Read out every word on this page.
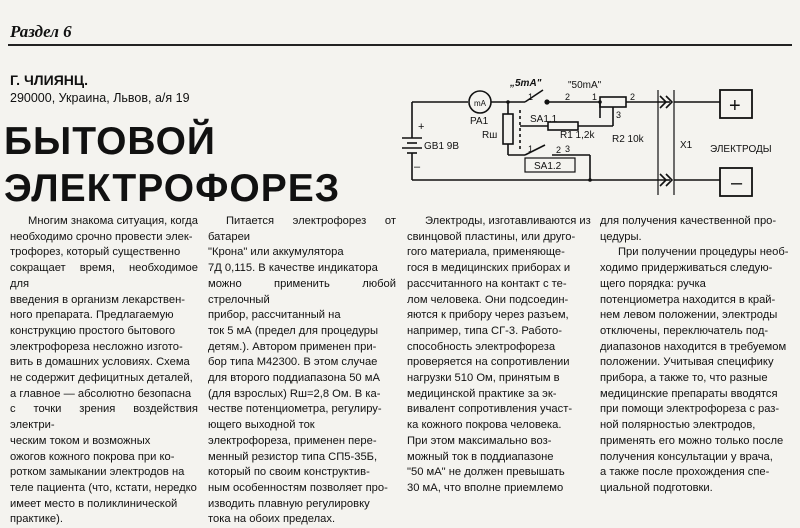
Раздел 6
Г. ЧЛИЯНЦ.
290000, Украина, Львов, а/я 19
БЫТОВОЙ
ЭЛЕКТРОФОРЕЗ
mA
PA1
„5mA"	"50mA"
1	2
3
1	2
SA1.1
R1 1,2k R2 10k
Rш
1	3
2
SA1.2
+
GB1 9B	X1 ЭЛЕКТРОДЫ
+
–
–

Многим знакома ситуация, когда

необходимо срочно провести элек-

трофорез, который существенно

сокращает время, необходимое для

введения в организм лекарствен-

ного препарата. Предлагаемую

конструкцию простого бытового

электрофореза несложно изгото-

вить в домашних условиях. Схема

не содержит дефицитных деталей,

а главное — абсолютно безопасна

с точки зрения воздействия электри-

ческим током и возможных

ожогов кожного покрова при ко-

ротком замыкании электродов на

теле пациента (что, кстати, нередко

имеет место в поликлинической

практике).

Питается электрофорез от батареи

"Крона" или аккумулятора

7Д 0,115. В качестве индикатора

можно применить любой стрелочный

прибор, рассчитанный на

ток 5 мА (предел для процедуры

детям.). Автором применен при-

бор типа М42300. В этом случае

для второго поддиапазона 50 мА

(для взрослых) Rш=2,8 Ом. В ка-

честве потенциометра, регулиру-

ющего выходной ток

электрофореза, применен пере-

менный резистор типа СП5-35Б,

который по своим конструктив-

ным особенностям позволяет про-

изводить плавную регулировку

тока на обоих пределах.

Электроды, изготавливаются из

свинцовой пластины, или друго-

гого материала, применяюще-

гося в медицинских приборах и

рассчитанного на контакт с те-

лом человека. Они подсоедин-

яются к прибору через разъем,

например, типа СГ-3. Работо-

способность электрофореза

проверяется на сопротивлении

нагрузки 510 Ом, принятым в

медицинской практике за эк-

вивалент сопротивления участ-

ка кожного покрова человека.

При этом максимально воз-

можный ток в поддиапазоне

"50 мА" не должен превышать

30 мА, что вполне приемлемо

для получения качественной про-

цедуры.

При получении процедуры необ-

ходимо придерживаться следую-

щего порядка: ручка

потенциометра находится в край-

нем левом положении, электроды

отключены, переключатель под-

диапазонов находится в требуемом

положении. Учитывая специфику

прибора, а также то, что разные

медицинские препараты вводятся

при помощи электрофореза с раз-

ной полярностью электродов,

применять его можно только после

получения консультации у врача,

а также после прохождения спе-

циальной подготовки.
